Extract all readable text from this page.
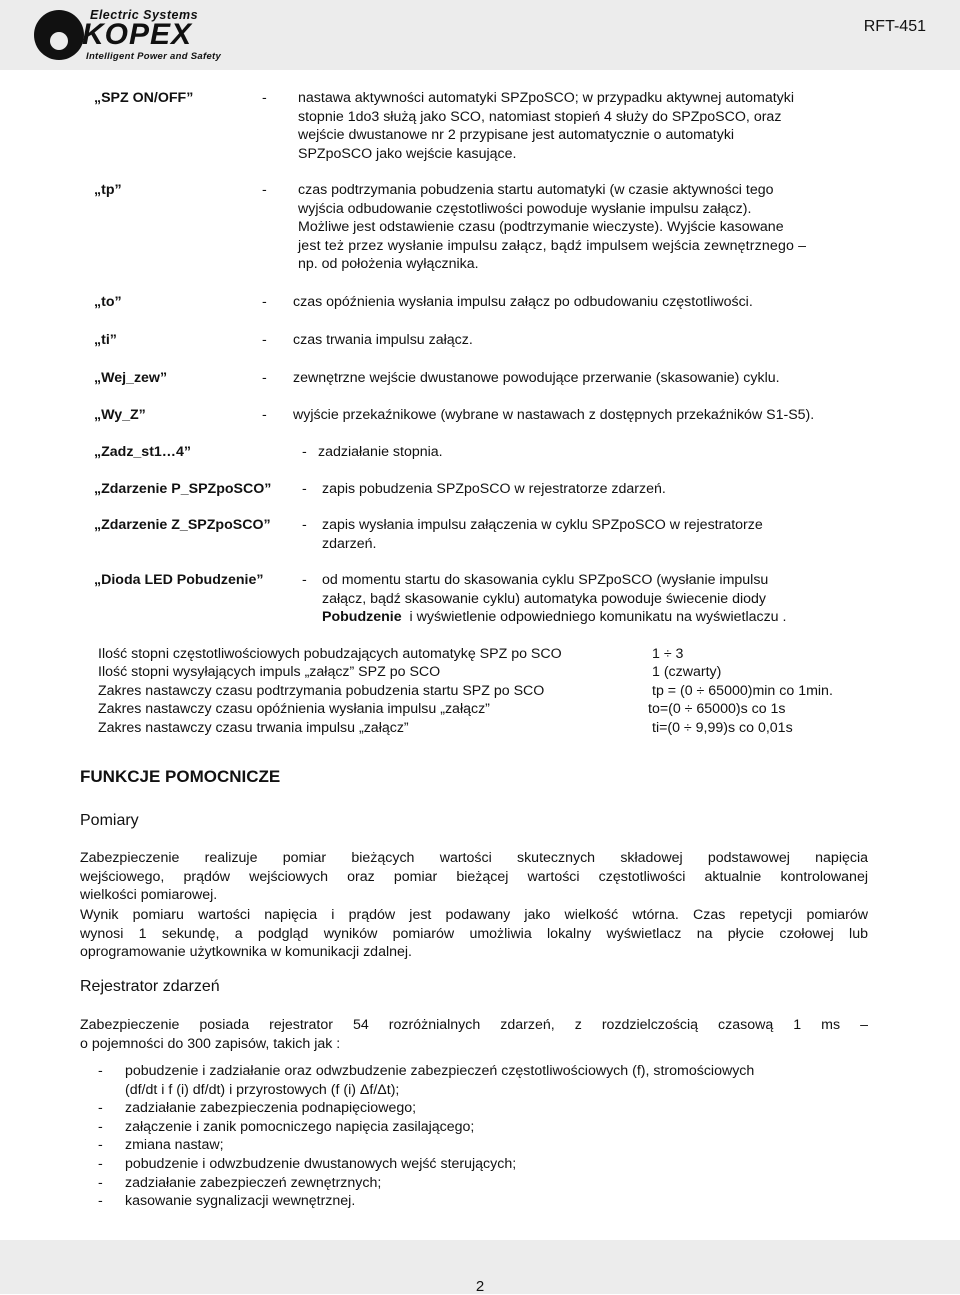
Electric Systems
KOPEX
Intelligent Power and Safety
RFT-451
„SPZ ON/OFF”	- nastawa aktywności automatyki SPZpoSCO; w przypadku aktywnej automatyki
stopnie 1do3 służą jako SCO, natomiast stopień 4 służy do SPZpoSCO, oraz
wejście dwustanowe nr 2 przypisane jest automatycznie o automatyki
SPZpoSCO jako wejście kasujące.
„tp”	- czas podtrzymania pobudzenia startu automatyki (w czasie aktywności tego
wyjścia odbudowanie częstotliwości powoduje wysłanie impulsu załącz).
Możliwe jest odstawienie czasu (podtrzymanie wieczyste). Wyjście kasowane
jest też przez wysłanie impulsu załącz, bądź impulsem wejścia zewnętrznego –
np. od położenia wyłącznika.
„to”	- czas opóźnienia wysłania impulsu załącz po odbudowaniu częstotliwości.
„ti”	- czas trwania impulsu załącz.
„Wej_zew”	- zewnętrzne wejście dwustanowe powodujące przerwanie (skasowanie) cyklu.
„Wy_Z”	- wyjście przekaźnikowe (wybrane w nastawach z dostępnych przekaźników S1-S5).
„Zadz_st1…4”	- zadziałanie stopnia.
„Zdarzenie P_SPZpoSCO” - zapis pobudzenia SPZpoSCO w rejestratorze zdarzeń.
„Zdarzenie Z_SPZpoSCO” - zapis wysłania impulsu załączenia w cyklu SPZpoSCO w rejestratorze
zdarzeń.
„Dioda LED Pobudzenie”	- od momentu startu do skasowania cyklu SPZpoSCO (wysłanie impulsu
załącz, bądź skasowanie cyklu) automatyka powoduje świecenie diody
Pobudzenie  i wyświetlenie odpowiedniego komunikatu na wyświetlaczu .
Ilość stopni częstotliwościowych pobudzających automatykę SPZ po SCO	1 ÷ 3
Ilość stopni wysyłających impuls „załącz” SPZ po SCO	1 (czwarty)
Zakres nastawczy czasu podtrzymania pobudzenia startu SPZ po SCO	tp = (0 ÷ 65000)min co 1min.
Zakres nastawczy czasu opóźnienia wysłania impulsu „załącz”	to=(0 ÷ 65000)s co 1s
Zakres nastawczy czasu trwania impulsu „załącz”	ti=(0 ÷ 9,99)s co 0,01s
FUNKCJE POMOCNICZE
Pomiary
Zabezpieczenie realizuje pomiar bieżących wartości skutecznych składowej podstawowej napięcia
wejściowego, prądów wejściowych oraz pomiar bieżącej wartości częstotliwości aktualnie kontrolowanej
wielkości pomiarowej.
Wynik pomiaru wartości napięcia i prądów jest podawany jako wielkość wtórna. Czas repetycji pomiarów
wynosi 1 sekundę, a podgląd wyników pomiarów umożliwia lokalny wyświetlacz na płycie czołowej lub
oprogramowanie użytkownika w komunikacji zdalnej.
Rejestrator zdarzeń
Zabezpieczenie posiada rejestrator 54 rozróżnialnych zdarzeń, z rozdzielczością czasową 1 ms –
o pojemności do 300 zapisów, takich jak :
- pobudzenie i zadziałanie oraz odwzbudzenie zabezpieczeń częstotliwościowych (f), stromościowych
(df/dt i f (i) df/dt) i przyrostowych (f (i) Δf/Δt);
- zadziałanie zabezpieczenia podnapięciowego;
- załączenie i zanik pomocniczego napięcia zasilającego;
- zmiana nastaw;
- pobudzenie i odwzbudzenie dwustanowych wejść sterujących;
- zadziałanie zabezpieczeń zewnętrznych;
- kasowanie sygnalizacji wewnętrznej.
2
